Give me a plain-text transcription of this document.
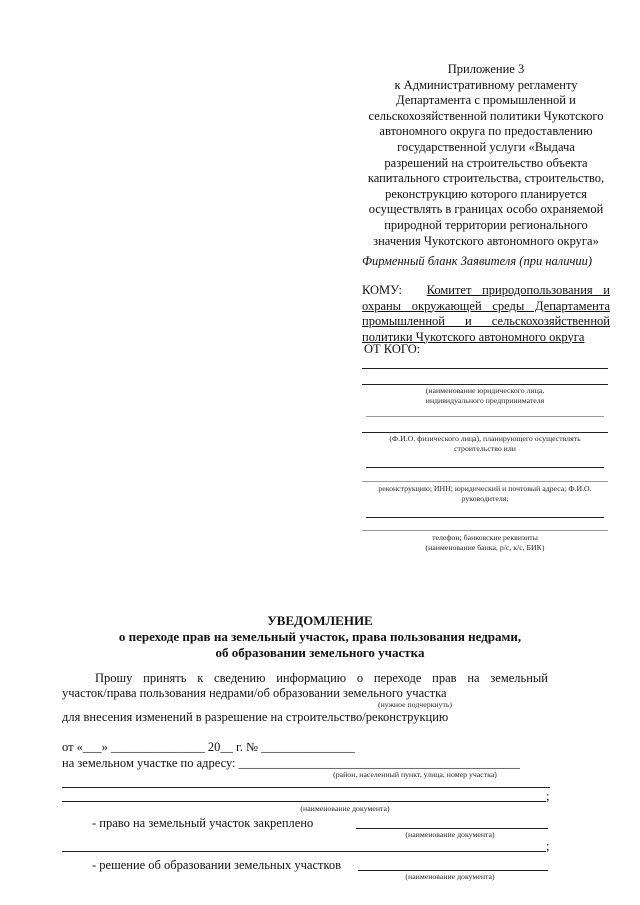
Приложение 3
к Административному регламенту
Департамента с промышленной и
сельскохозяйственной политики Чукотского
автономного округа по предоставлению
государственной услуги «Выдача
разрешений на строительство объекта
капитального строительства, строительство,
реконструкцию которого планируется
осуществлять в границах особо охраняемой
природной территории регионального
значения Чукотского автономного округа»
Фирменный бланк Заявителя (при наличии)
КОМУ: Комитет природопользования и охраны окружающей среды Департамента промышленной и сельскохозяйственной политики Чукотского автономного округа
ОТ КОГО:
(наименование юридического лица,
индивидуального предпринимателя
(Ф.И.О. физического лица), планирующего осуществлять
строительство или
реконструкцию; ИНН; юридический и почтовый адреса; Ф.И.О.
руководителя;
телефон; банковские реквизиты
(наименование банка, р/с, к/с, БИК)
УВЕДОМЛЕНИЕ
о переходе прав на земельный участок, права пользования недрами,
об образовании земельного участка
Прошу принять к сведению информацию о переходе прав на земельный
участок/права пользования недрами/об образовании земельного участка
(нужное подчеркнуть)
для внесения изменений в разрешение на строительство/реконструкцию
от «___» _______________ 20__ г. № _______________
на земельном участке по адресу: _____________________________________________
(район, населенный пункт, улица, номер участка)
;
(наименование документа)
- право на земельный участок закреплено
(наименование документа)
;
- решение об образовании земельных участков
(наименование документа)
